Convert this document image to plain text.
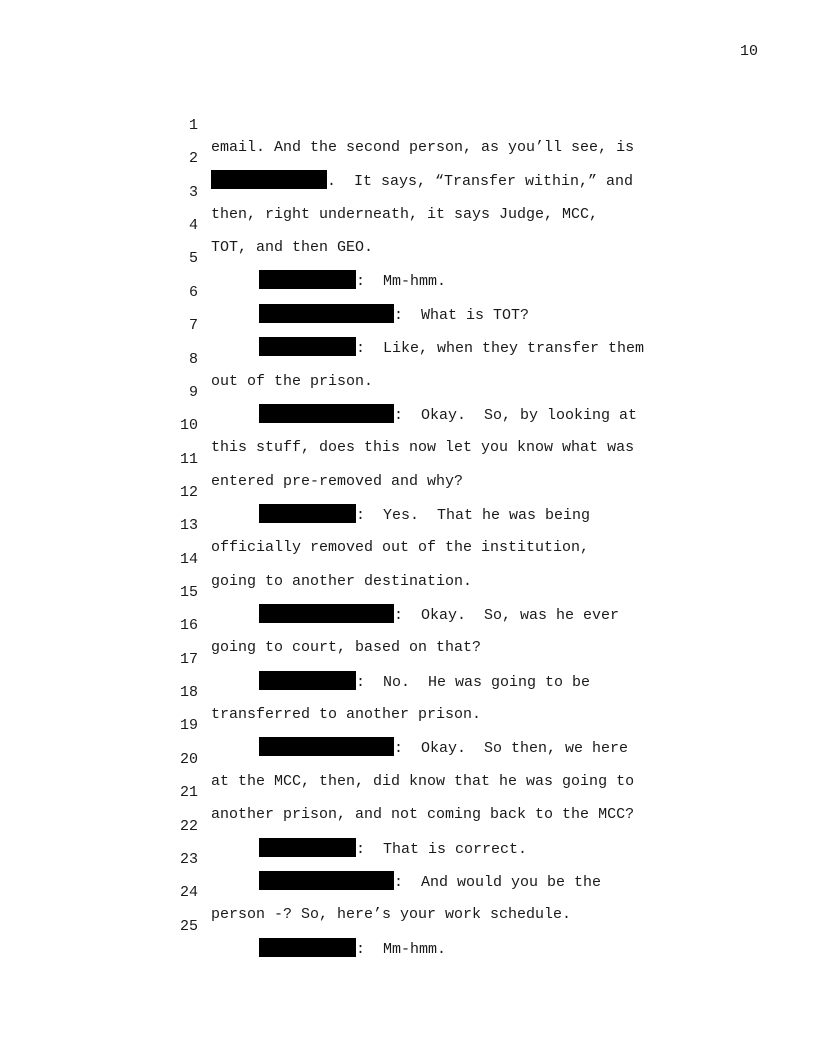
10

1

email. And the second person, as you’ll see, is

2

.  It says, “Transfer within,” and

3

then, right underneath, it says Judge, MCC,

4

TOT, and then GEO.

5

:  Mm-hmm.

6

:  What is TOT?

7

:  Like, when they transfer them

8

out of the prison.

9

:  Okay.  So, by looking at

10

this stuff, does this now let you know what was

11

entered pre-removed and why?

12

:  Yes.  That he was being

13

officially removed out of the institution,

14

going to another destination.

15

:  Okay.  So, was he ever

16

going to court, based on that?

17

:  No.  He was going to be

18

transferred to another prison.

19

:  Okay.  So then, we here

20

at the MCC, then, did know that he was going to

21

another prison, and not coming back to the MCC?

22

:  That is correct.

23

:  And would you be the

24

person -? So, here’s your work schedule.

25

:  Mm-hmm.
